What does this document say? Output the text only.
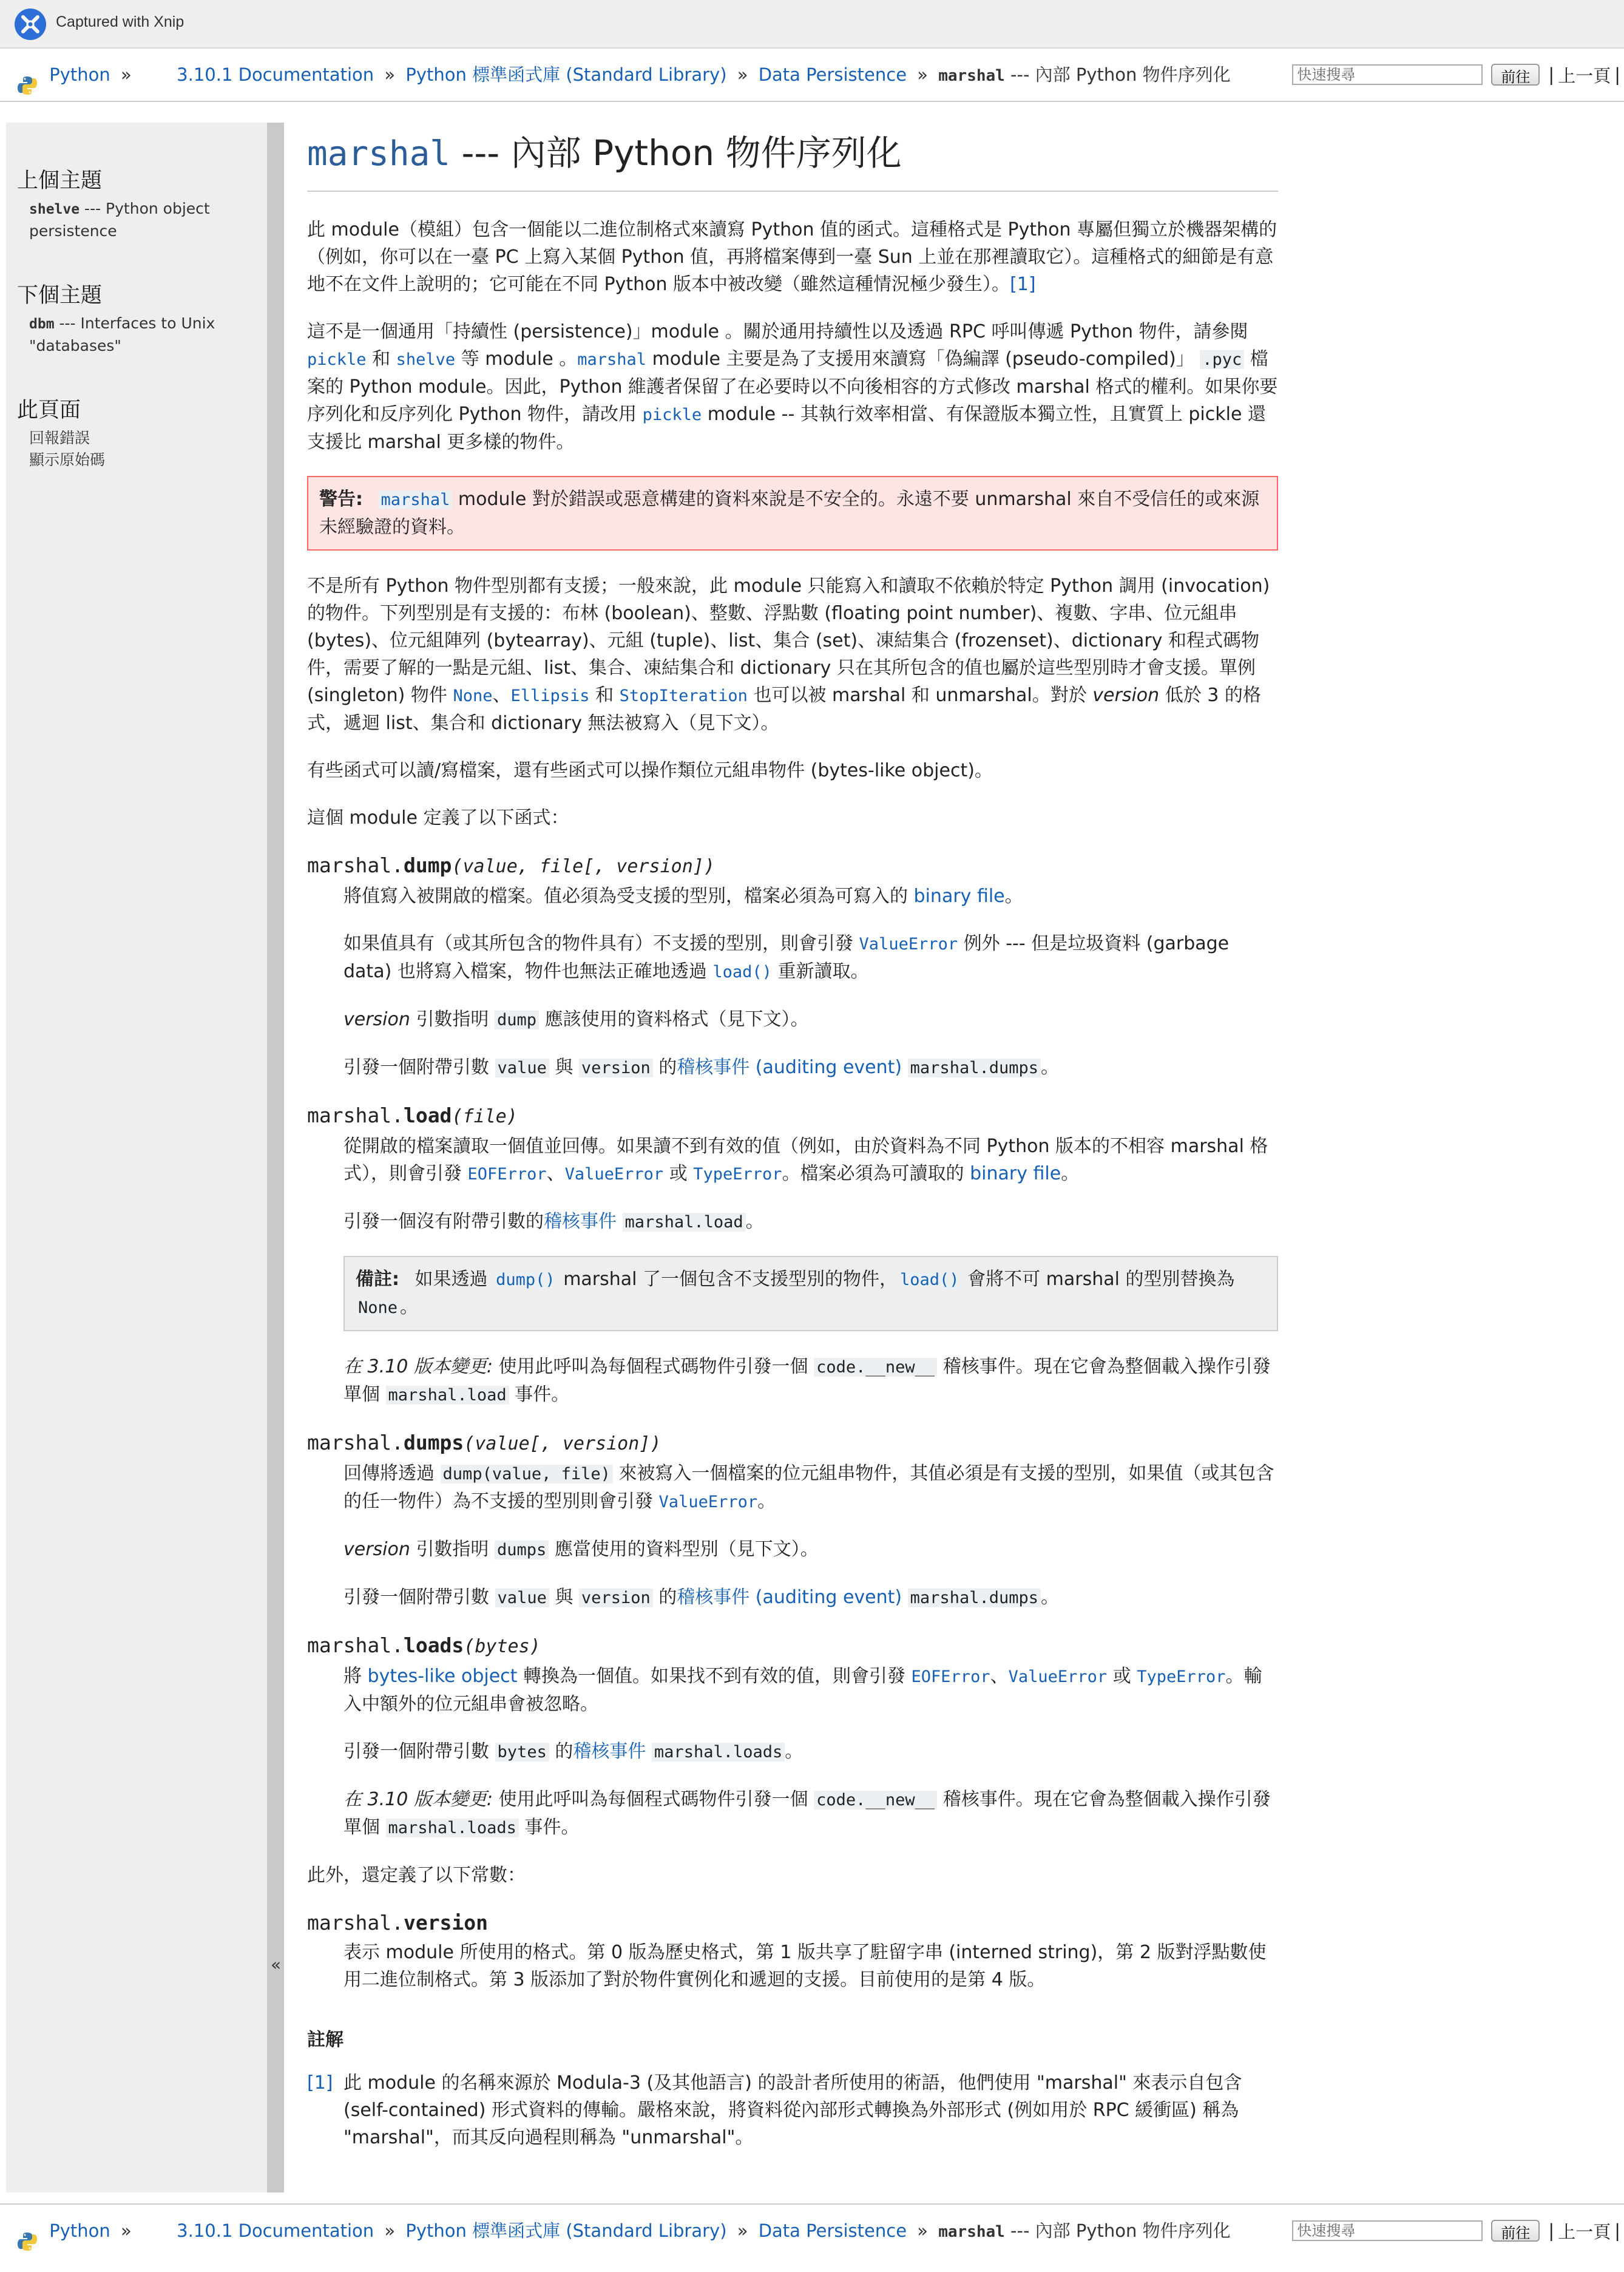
Captured with Xnip
Python »	3.10.1 Documentation » Python 標準函式庫 (Standard Library) » Data Persistence » marshal --- 內部 Python 物件序列化
快速搜尋	前往	| 上一頁 |
上個主題
shelve --- Python object persistence
下個主題
dbm --- Interfaces to Unix "databases"
此頁面
回報錯誤
顯示原始碼
«
marshal --- 內部 Python 物件序列化

此 module（模組）包含一個能以二進位制格式來讀寫 Python 值的函式。這種格式是 Python 專屬但獨立於機器架構的（例如，你可以在一臺 PC 上寫入某個 Python 值，再將檔案傳到一臺 Sun 上並在那裡讀取它）。這種格式的細節是有意地不在文件上說明的；它可能在不同 Python 版本中被改變（雖然這種情況極少發生）。[1]

這不是一個通用「持續性 (persistence)」module 。關於通用持續性以及透過 RPC 呼叫傳遞 Python 物件，請參閱 pickle 和 shelve 等 module 。marshal module 主要是為了支援用來讀寫「偽編譯 (pseudo-compiled)」 .pyc 檔案的 Python module。因此，Python 維護者保留了在必要時以不向後相容的方式修改 marshal 格式的權利。如果你要序列化和反序列化 Python 物件，請改用 pickle module -- 其執行效率相當、有保證版本獨立性，且實質上 pickle 還支援比 marshal 更多樣的物件。

警告: marshal module 對於錯誤或惡意構建的資料來說是不安全的。永遠不要 unmarshal 來自不受信任的或來源未經驗證的資料。

不是所有 Python 物件型別都有支援；一般來說，此 module 只能寫入和讀取不依賴於特定 Python 調用 (invocation) 的物件。下列型別是有支援的：布林 (boolean)、整數、浮點數 (floating point number)、複數、字串、位元組串 (bytes)、位元組陣列 (bytearray)、元組 (tuple)、list、集合 (set)、凍結集合 (frozenset)、dictionary 和程式碼物件，需要了解的一點是元組、list、集合、凍結集合和 dictionary 只在其所包含的值也屬於這些型別時才會支援。單例 (singleton) 物件 None、Ellipsis 和 StopIteration 也可以被 marshal 和 unmarshal。對於 version 低於 3 的格式，遞迴 list、集合和 dictionary 無法被寫入（見下文）。

有些函式可以讀/寫檔案，還有些函式可以操作類位元組串物件 (bytes-like object)。

這個 module 定義了以下函式：

marshal.dump(value, file[, version])

將值寫入被開啟的檔案。值必須為受支援的型別，檔案必須為可寫入的 binary file。

如果值具有（或其所包含的物件具有）不支援的型別，則會引發 ValueError 例外 --- 但是垃圾資料 (garbage data) 也將寫入檔案，物件也無法正確地透過 load() 重新讀取。

version 引數指明 dump 應該使用的資料格式（見下文）。

引發一個附帶引數 value 與 version 的稽核事件 (auditing event) marshal.dumps 。

marshal.load(file)

從開啟的檔案讀取一個值並回傳。如果讀不到有效的值（例如，由於資料為不同 Python 版本的不相容 marshal 格式），則會引發 EOFError、ValueError 或 TypeError。檔案必須為可讀取的 binary file。

引發一個沒有附帶引數的稽核事件 marshal.load 。

備註: 如果透過 dump() marshal 了一個包含不支援型別的物件， load() 會將不可 marshal 的型別替換為 None 。

在 3.10 版本變更: 使用此呼叫為每個程式碼物件引發一個 code.__new__ 稽核事件。現在它會為整個載入操作引發單個 marshal.load 事件。

marshal.dumps(value[, version])

回傳將透過 dump(value, file) 來被寫入一個檔案的位元組串物件，其值必須是有支援的型別，如果值（或其包含的任一物件）為不支援的型別則會引發 ValueError。

version 引數指明 dumps 應當使用的資料型別（見下文）。

引發一個附帶引數 value 與 version 的稽核事件 (auditing event) marshal.dumps 。

marshal.loads(bytes)

將 bytes-like object 轉換為一個值。如果找不到有效的值，則會引發 EOFError、ValueError 或 TypeError。輸入中額外的位元組串會被忽略。

引發一個附帶引數 bytes 的稽核事件 marshal.loads 。

在 3.10 版本變更: 使用此呼叫為每個程式碼物件引發一個 code.__new__ 稽核事件。現在它會為整個載入操作引發單個 marshal.loads 事件。

此外，還定義了以下常數：

marshal.version

表示 module 所使用的格式。第 0 版為歷史格式，第 1 版共享了駐留字串 (interned string)，第 2 版對浮點數使用二進位制格式。第 3 版添加了對於物件實例化和遞迴的支援。目前使用的是第 4 版。

註解
[1] 此 module 的名稱來源於 Modula-3 (及其他語言) 的設計者所使用的術語，他們使用 "marshal" 來表示自包含 (self-contained) 形式資料的傳輸。嚴格來說，將資料從內部形式轉換為外部形式 (例如用於 RPC 緩衝區) 稱為 "marshal"，而其反向過程則稱為 "unmarshal"。
Python »	3.10.1 Documentation » Python 標準函式庫 (Standard Library) » Data Persistence » marshal --- 內部 Python 物件序列化
快速搜尋	前往	| 上一頁 |
